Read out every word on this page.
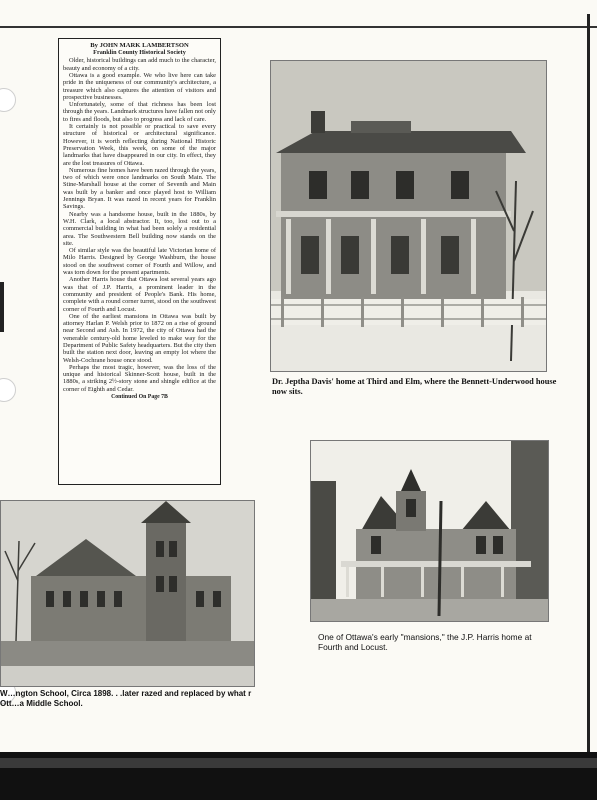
By JOHN MARK LAMBERTSON

Franklin County Historical Society

Older, historical buildings can add much to the character, beauty and economy of a city.

Ottawa is a good example. We who live here can take pride in the uniqueness of our community's architecture, a treasure which also captures the attention of visitors and prospective businesses.

Unfortunately, some of that richness has been lost through the years. Landmark structures have fallen not only to fires and floods, but also to progress and lack of care.

It certainly is not possible or practical to save every structure of historical or architectural significance. However, it is worth reflecting during National Historic Preservation Week, this week, on some of the major landmarks that have disappeared in our city. In effect, they are the lost treasures of Ottawa.

Numerous fine homes have been razed through the years, two of which were once landmarks on South Main. The Stine-Marshall house at the corner of Seventh and Main was built by a banker and once played host to William Jennings Bryan. It was razed in recent years for Franklin Savings.

Nearby was a handsome house, built in the 1880s, by W.H. Clark, a local abstractor. It, too, lost out to a commercial building in what had been solely a residential area. The Southwestern Bell building now stands on the site.

Of similar style was the beautiful late Victorian home of Milo Harris. Designed by George Washburn, the house stood on the southwest corner of Fourth and Willow, and was torn down for the present apartments.

Another Harris house that Ottawa lost several years ago was that of J.P. Harris, a prominent leader in the community and president of People's Bank. His home, complete with a round corner turret, stood on the southwest corner of Fourth and Locust.

One of the earliest mansions in Ottawa was built by attorney Harlan P. Welsh prior to 1872 on a rise of ground near Second and Ash. In 1972, the city of Ottawa had the venerable century-old home leveled to make way for the Department of Public Safety headquarters. But the city then built the station next door, leaving an empty lot where the Welsh-Cochrane house once stood.

Perhaps the most tragic, however, was the loss of the unique and historical Skinner-Scott house, built in the 1880s, a striking 2½-story stone and shingle edifice at the corner of Eighth and Cedar.

Continued On Page 7B

Dr. Jeptha Davis' home at Third and Elm, where the Bennett-Underwood house now sits.

W…ngton School, Circa 1898. . .later razed and replaced by what r Ott…a Middle School.

One of Ottawa's early "mansions," the J.P. Harris home at Fourth and Locust.
